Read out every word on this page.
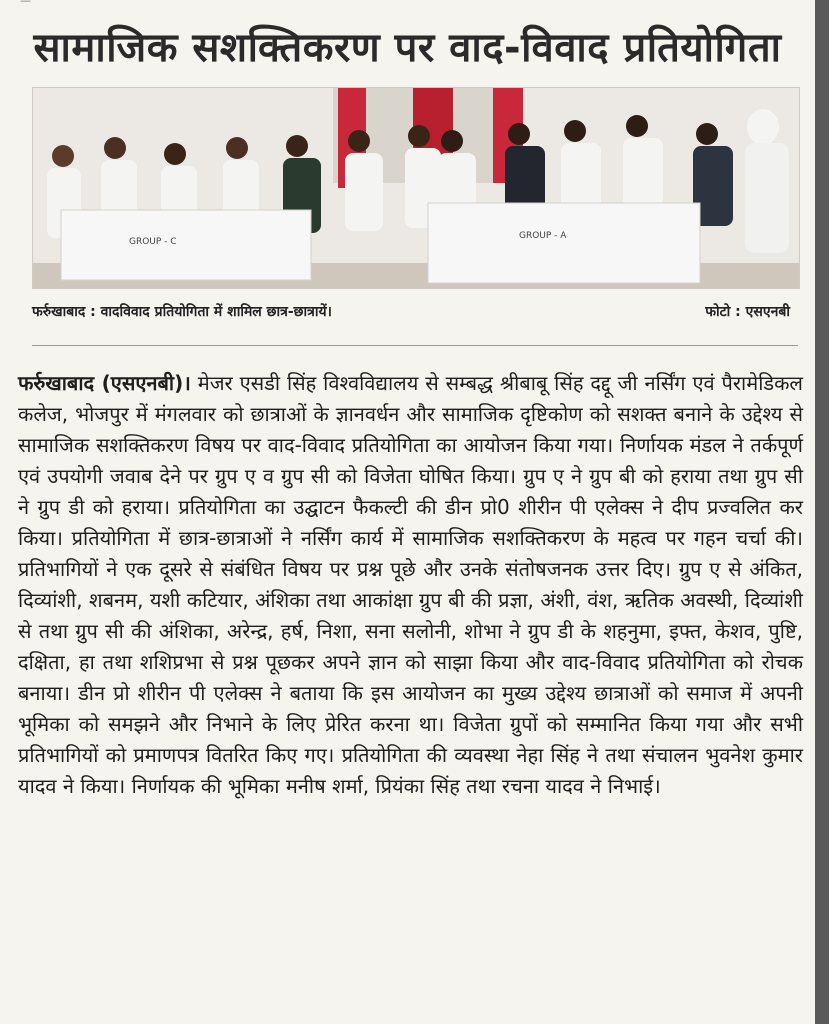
—
सामाजिक सशक्तिकरण पर वाद-विवाद प्रतियोगिता
GROUP - C
GROUP - A
फर्रुखाबाद : वादविवाद प्रतियोगिता में शामिल छात्र-छात्रायें।	फोटो : एसएनबी
फर्रुखाबाद (एसएनबी)। मेजर एसडी सिंह विश्वविद्यालय से सम्बद्ध श्रीबाबू सिंह दद्दू जी नर्सिंग एवं पैरामेडिकल कलेज, भोजपुर में मंगलवार को छात्राओं के ज्ञानवर्धन और सामाजिक दृष्टिकोण को सशक्त बनाने के उद्देश्य से सामाजिक सशक्तिकरण विषय पर वाद-विवाद प्रतियोगिता का आयोजन किया गया। निर्णायक मंडल ने तर्कपूर्ण एवं उपयोगी जवाब देने पर ग्रुप ए व ग्रुप सी को विजेता घोषित किया। ग्रुप ए ने ग्रुप बी को हराया तथा ग्रुप सी ने ग्रुप डी को हराया। प्रतियोगिता का उद्घाटन फैकल्टी की डीन प्रो0 शीरीन पी एलेक्स ने दीप प्रज्वलित कर किया। प्रतियोगिता में छात्र-छात्राओं ने नर्सिंग कार्य में सामाजिक सशक्तिकरण के महत्व पर गहन चर्चा की। प्रतिभागियों ने एक दूसरे से संबंधित विषय पर प्रश्न पूछे और उनके संतोषजनक उत्तर दिए। ग्रुप ए से अंकित, दिव्यांशी, शबनम, यशी कटियार, अंशिका तथा आकांक्षा ग्रुप बी की प्रज्ञा, अंशी, वंश, ऋतिक अवस्थी, दिव्यांशी से तथा ग्रुप सी की अंशिका, अरेन्द्र, हर्ष, निशा, सना सलोनी, शोभा ने ग्रुप डी के शहनुमा, इफ्त, केशव, पुष्टि, दक्षिता, हा तथा शशिप्रभा से प्रश्न पूछकर अपने ज्ञान को साझा किया और वाद-विवाद प्रतियोगिता को रोचक बनाया। डीन प्रो शीरीन पी एलेक्स ने बताया कि इस आयोजन का मुख्य उद्देश्य छात्राओं को समाज में अपनी भूमिका को समझने और निभाने के लिए प्रेरित करना था। विजेता ग्रुपों को सम्मानित किया गया और सभी प्रतिभागियों को प्रमाणपत्र वितरित किए गए। प्रतियोगिता की व्यवस्था नेहा सिंह ने तथा संचालन भुवनेश कुमार यादव ने किया। निर्णायक की भूमिका मनीष शर्मा, प्रियंका सिंह तथा रचना यादव ने निभाई।
